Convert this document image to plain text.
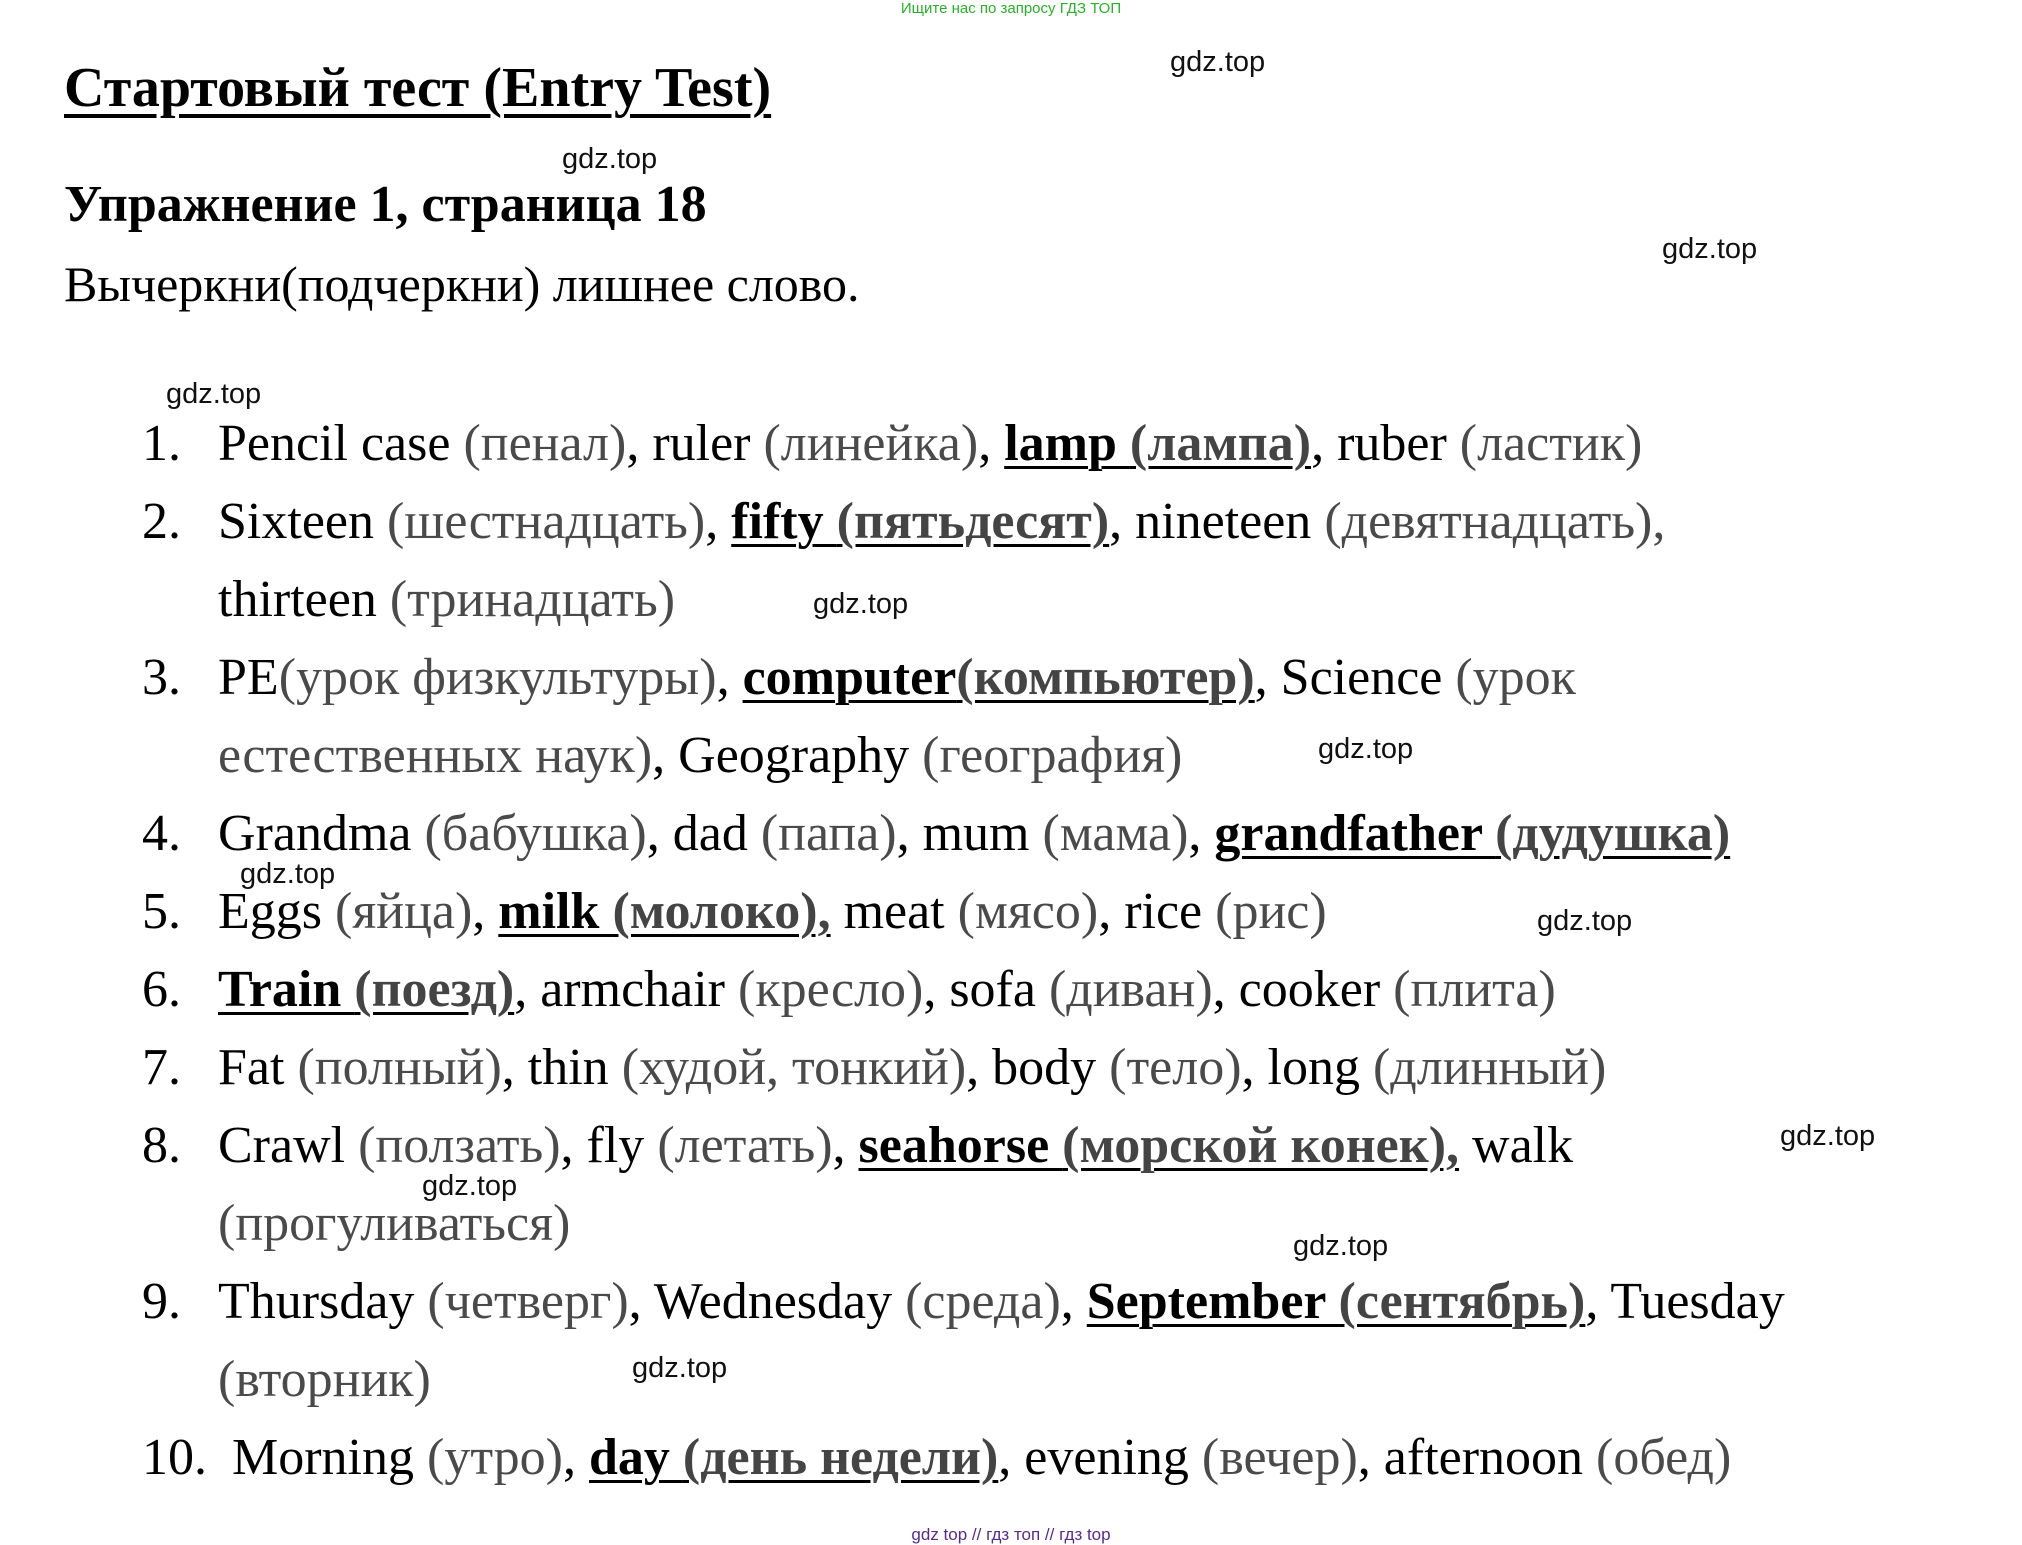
Ищите нас по запросу ГДЗ ТОП
Стартовый тест (Entry Test)
Упражнение 1, страница 18
Вычеркни(подчеркни) лишнее слово.
gdz.top
gdz.top
gdz.top
gdz.top
gdz.top
gdz.top
gdz.top
gdz.top
gdz.top
gdz.top
gdz.top
gdz.top
1. Pencil case (пенал), ruler (линейка), lamp (лампа), ruber (ластик)
2. Sixteen (шестнадцать), fifty (пятьдесят), nineteen (девятнадцать),
thirteen (тринадцать)
3. PE(урок физкультуры), computer(компьютер), Science (урок
естественных наук), Geography (география)
4. Grandma (бабушка), dad (папа), mum (мама), grandfather (дудушка)
5. Eggs (яйца), milk (молоко), meat (мясо), rice (рис)
6. Train (поезд), armchair (кресло), sofa (диван), cooker (плита)
7. Fat (полный), thin (худой, тонкий), body (тело), long (длинный)
8. Crawl (ползать), fly (летать), seahorse (морской конек), walk
(прогуливаться)
9. Thursday (четверг), Wednesday (среда), September (сентябрь), Tuesday
(вторник)
10. Morning (утро), day (день недели), evening (вечер), afternoon (обед)
gdz top // гдз топ // гдз top
